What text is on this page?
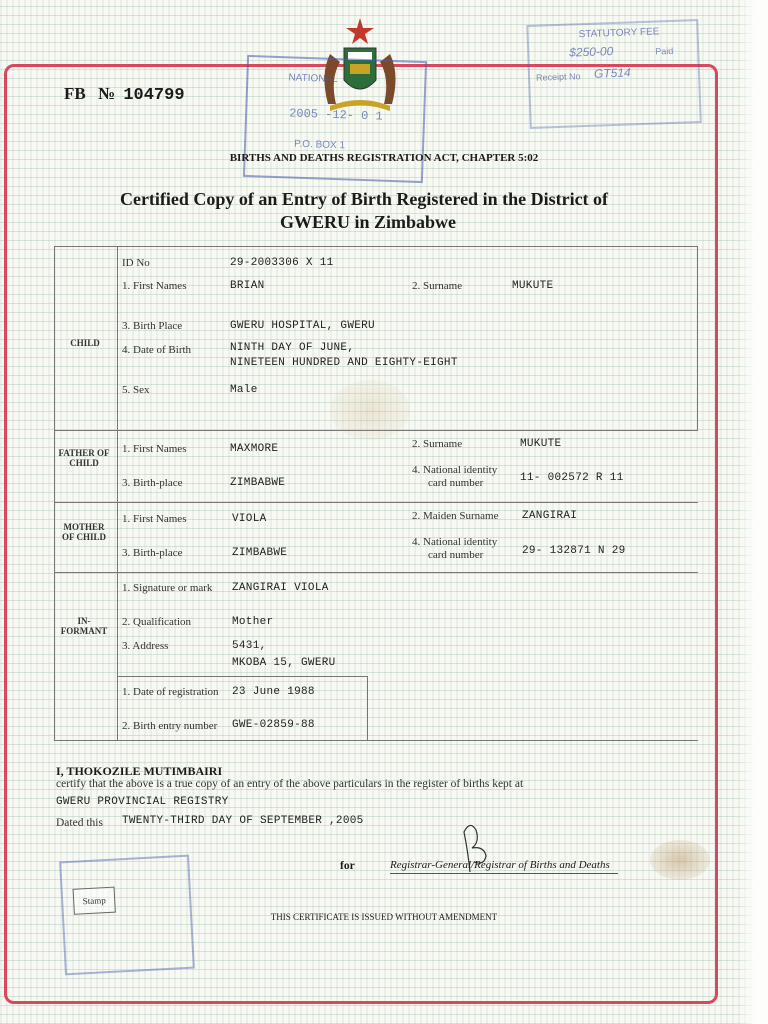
NATIONAL
2005 -12- 0 1
P.O. BOX 1
STATUTORY FEE
$250-00	Paid
Receipt No GT514
FB № 104799
BIRTHS AND DEATHS REGISTRATION ACT, CHAPTER 5:02
Certified Copy of an Entry of Birth Registered in the District of
GWERU in Zimbabwe
CHILD
ID No	29-2003306 X 11
1. First Names	BRIAN	2. Surname	MUKUTE
3. Birth Place	GWERU HOSPITAL, GWERU
4. Date of Birth	NINTH DAY OF JUNE,
NINETEEN HUNDRED AND EIGHTY-EIGHT
5. Sex	Male
FATHER OF CHILD
1. First Names	MAXMORE	2. Surname	MUKUTE
4. National identity
card number	11- 002572 R 11
3. Birth-place	ZIMBABWE
MOTHER OF CHILD
1. First Names	VIOLA	2. Maiden Surname ZANGIRAI
4. National identity
card number	29- 132871 N 29
3. Birth-place	ZIMBABWE
IN- FORMANT
1. Signature or mark ZANGIRAI VIOLA
2. Qualification	Mother
3. Address	5431,
MKOBA 15, GWERU
1. Date of registration 23 June 1988
2. Birth entry number GWE-02859-88
I, THOKOZILE MUTIMBAIRI
certify that the above is a true copy of an entry of the above particulars in the register of births kept at
GWERU PROVINCIAL REGISTRY
Dated this TWENTY-THIRD DAY OF SEPTEMBER ,2005
for	Registrar-General/Registrar of Births and Deaths
Stamp
THIS CERTIFICATE IS ISSUED WITHOUT AMENDMENT
